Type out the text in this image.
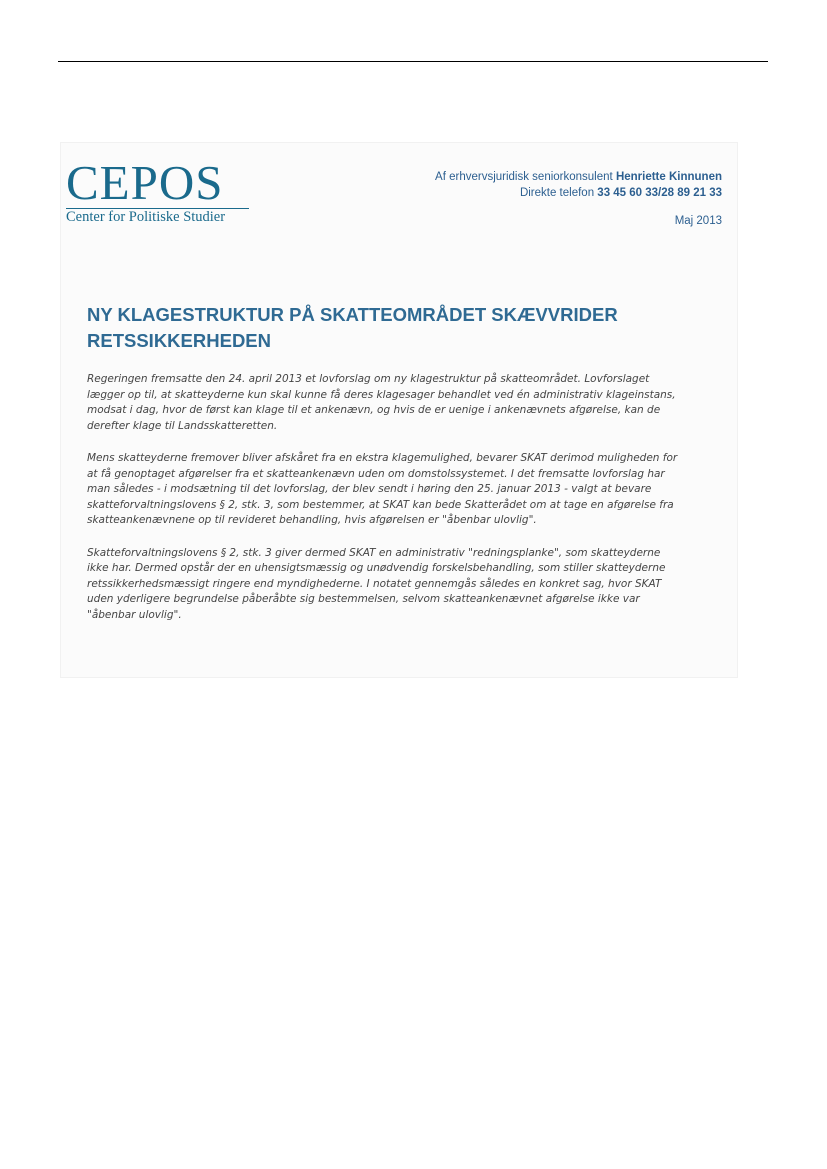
CEPOS
Center for Politiske Studier
Af erhvervsjuridisk seniorkonsulent Henriette Kinnunen
Direkte telefon 33 45 60 33/28 89 21 33
Maj 2013
NY KLAGESTRUKTUR PÅ SKATTEOMRÅDET SKÆVVRIDER
RETSSIKKERHEDEN

Regeringen fremsatte den 24. april 2013 et lovforslag om ny klagestruktur på skatteområdet. Lovforslaget lægger op til, at skatteyderne kun skal kunne få deres klagesager behandlet ved én administrativ klageinstans, modsat i dag, hvor de først kan klage til et ankenævn, og hvis de er uenige i ankenævnets afgørelse, kan de derefter klage til Landsskatteretten.

Mens skatteyderne fremover bliver afskåret fra en ekstra klagemulighed, bevarer SKAT derimod muligheden for at få genoptaget afgørelser fra et skatteankenævn uden om domstolssystemet. I det fremsatte lovforslag har man således - i modsætning til det lovforslag, der blev sendt i høring den 25. januar 2013 - valgt at bevare skatteforvaltningslovens § 2, stk. 3, som bestemmer, at SKAT kan bede Skatterådet om at tage en afgørelse fra skatteankenævnene op til revideret behandling, hvis afgørelsen er "åbenbar ulovlig".

Skatteforvaltningslovens § 2, stk. 3 giver dermed SKAT en administrativ "redningsplanke", som skatteyderne ikke har. Dermed opstår der en uhensigtsmæssig og unødvendig forskelsbehandling, som stiller skatteyderne retssikkerhedsmæssigt ringere end myndighederne. I notatet gennemgås således en konkret sag, hvor SKAT uden yderligere begrundelse påberåbte sig bestemmelsen, selvom skatteankenævnet afgørelse ikke var "åbenbar ulovlig".
